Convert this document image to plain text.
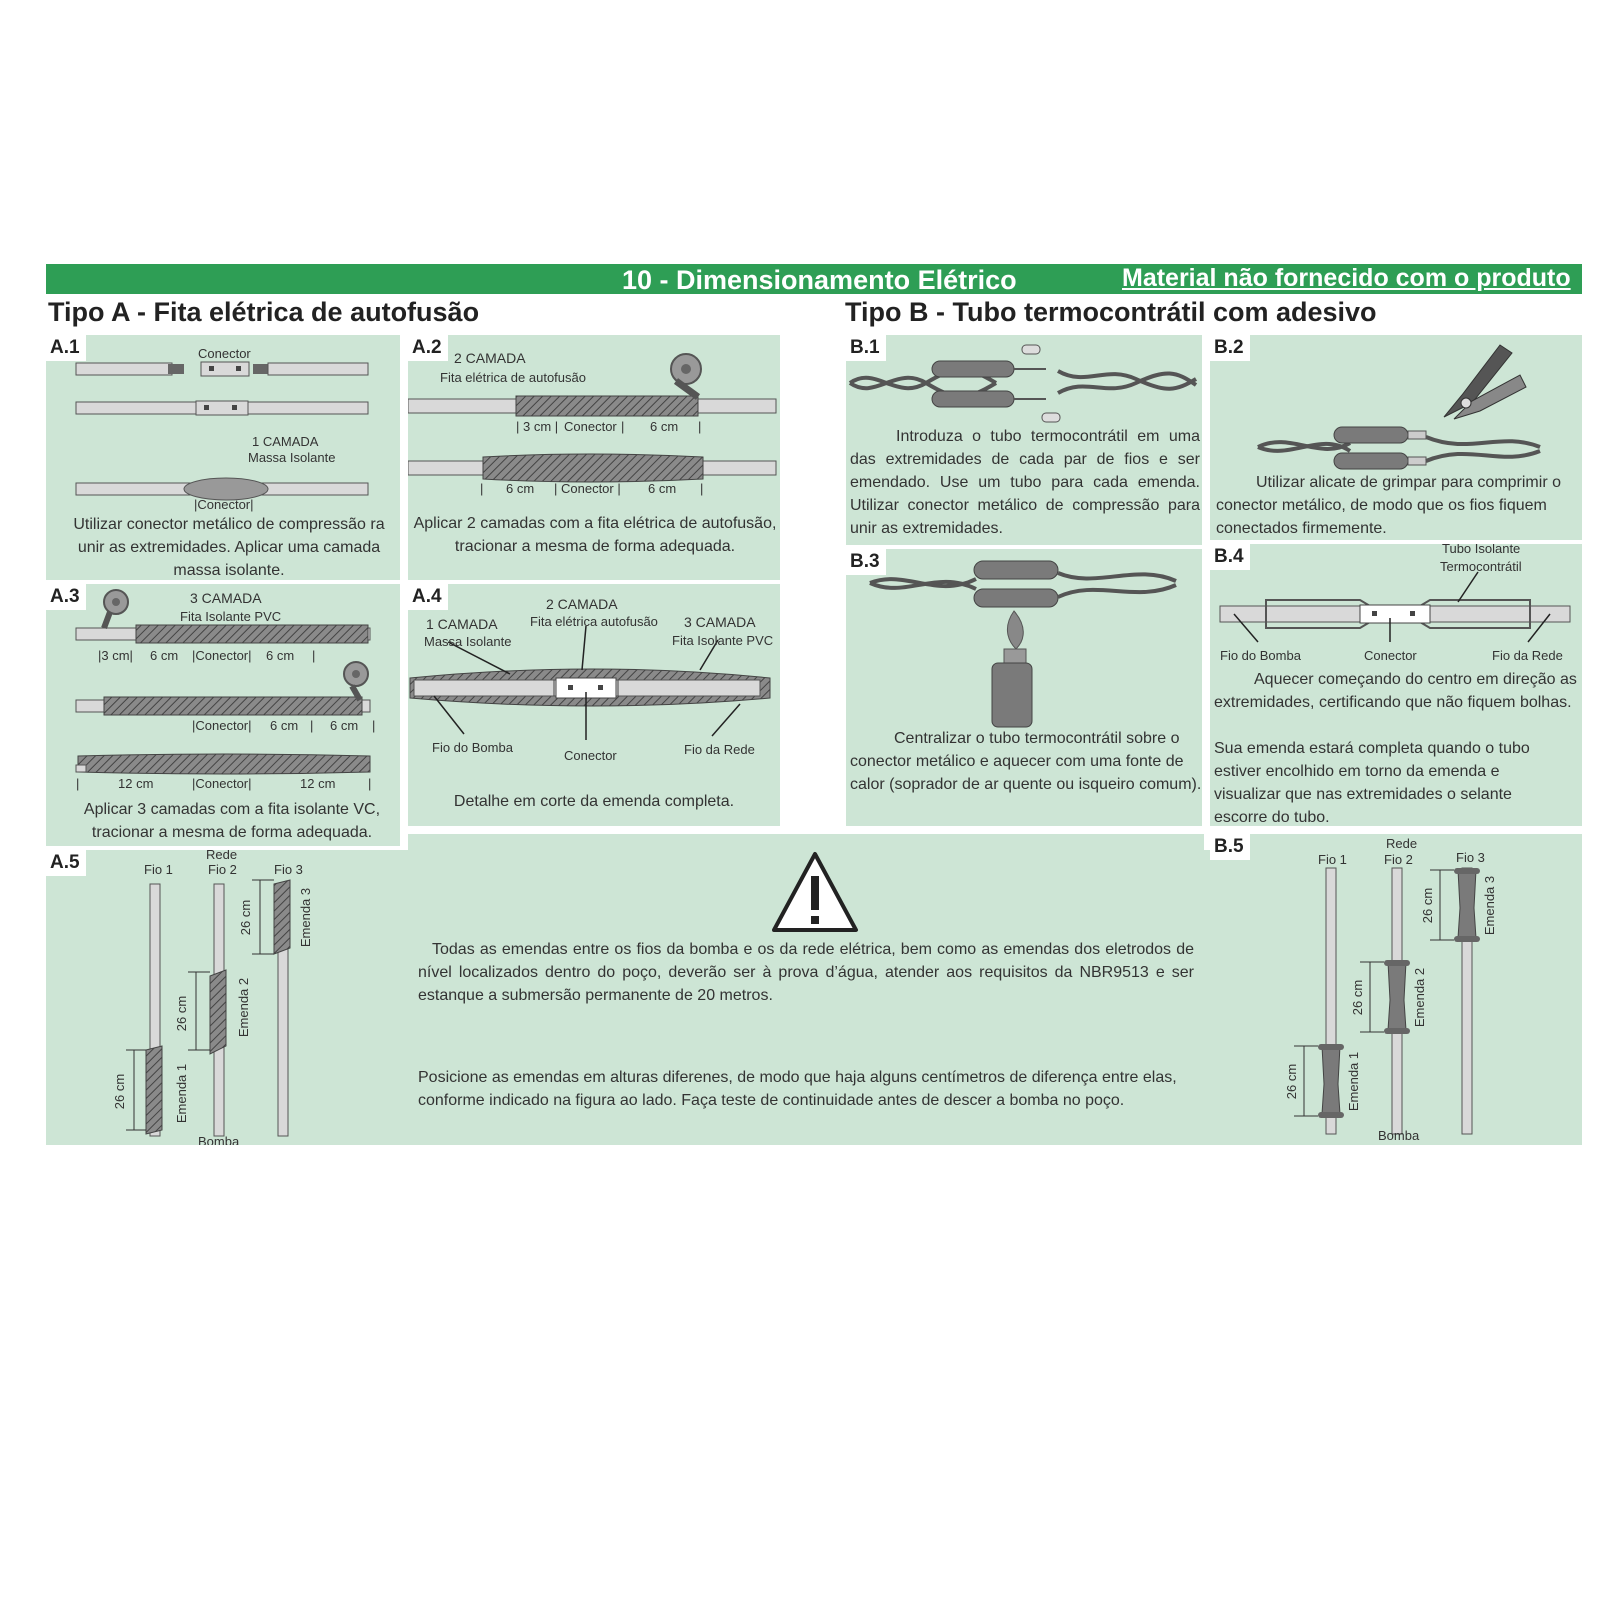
10 - Dimensionamento Elétrico	Material não fornecido com o produto
Tipo A - Fita elétrica de autofusão	Tipo B - Tubo termocontrátil com adesivo
A.1	Conector
1 CAMADA
Massa Isolante
|Conector|
Utilizar conector metálico de compressão ra unir as extremidades. Aplicar uma camada massa isolante.
A.2 2 CAMADA
Fita elétrica de autofusão
| 3 cm | Conector | 6 cm |
| 6 cm | Conector | 6 cm |
Aplicar 2 camadas com a fita elétrica de autofusão, tracionar a mesma de forma adequada.
A.3	3 CAMADA
Fita Isolante PVC
|3 cm| 6 cm |Conector| 6 cm |
|Conector| 6 cm | 6 cm |
|	12 cm	|Conector|	12 cm	|
Aplicar 3 camadas com a fita isolante VC, tracionar a mesma de forma adequada.
A.4
1 CAMADA
Massa Isolante
2 CAMADA
Fita elétrica autofusão 3 CAMADA
Fita Isolante PVC
Fio do Bomba
Conector	Fio da Rede
Detalhe em corte da emenda completa.
A.5	Rede
Fio 1	Fio 2	Fio 3
26 cm
26 cm
26 cm
Emenda 1
Emenda 2
Emenda 3
Bomba
Posicione as emendas em alturas diferenes, de modo que haja alguns centímetros de diferença entre elas, conforme indicado na figura ao lado. Faça teste de continuidade antes de descer a bomba no poço.
B.1
Introduza o tubo termocontrátil em uma das extremidades de cada par de fios e ser emendado. Use um tubo para cada emenda. Utilizar conector metálico de compressão para unir as extremidades.
B.2
Utilizar alicate de grimpar para comprimir o conector metálico, de modo que os fios fiquem conectados firmemente.
B.3
Centralizar o tubo termocontrátil sobre o conector metálico e aquecer com uma fonte de calor (soprador de ar quente ou isqueiro comum).
B.4	Tubo Isolante
Termocontrátil
Fio do Bomba	Conector	Fio da Rede
Aquecer começando do centro em direção as extremidades, certificando que não fiquem bolhas.
Sua emenda estará completa quando o tubo estiver encolhido em torno da emenda e visualizar que nas extremidades o selante escorre do tubo.
Todas as emendas entre os fios da bomba e os da rede elétrica, bem como as emendas dos eletrodos de nível localizados dentro do poço, deverão ser à prova d’água, atender aos requisitos da NBR9513 e ser estanque a submersão permanente de 20 metros.
B.5	Rede
Fio 1	Fio 2	Fio 3
26 cm
26 cm
26 cm
Emenda 1
Emenda 2
Emenda 3
Bomba
